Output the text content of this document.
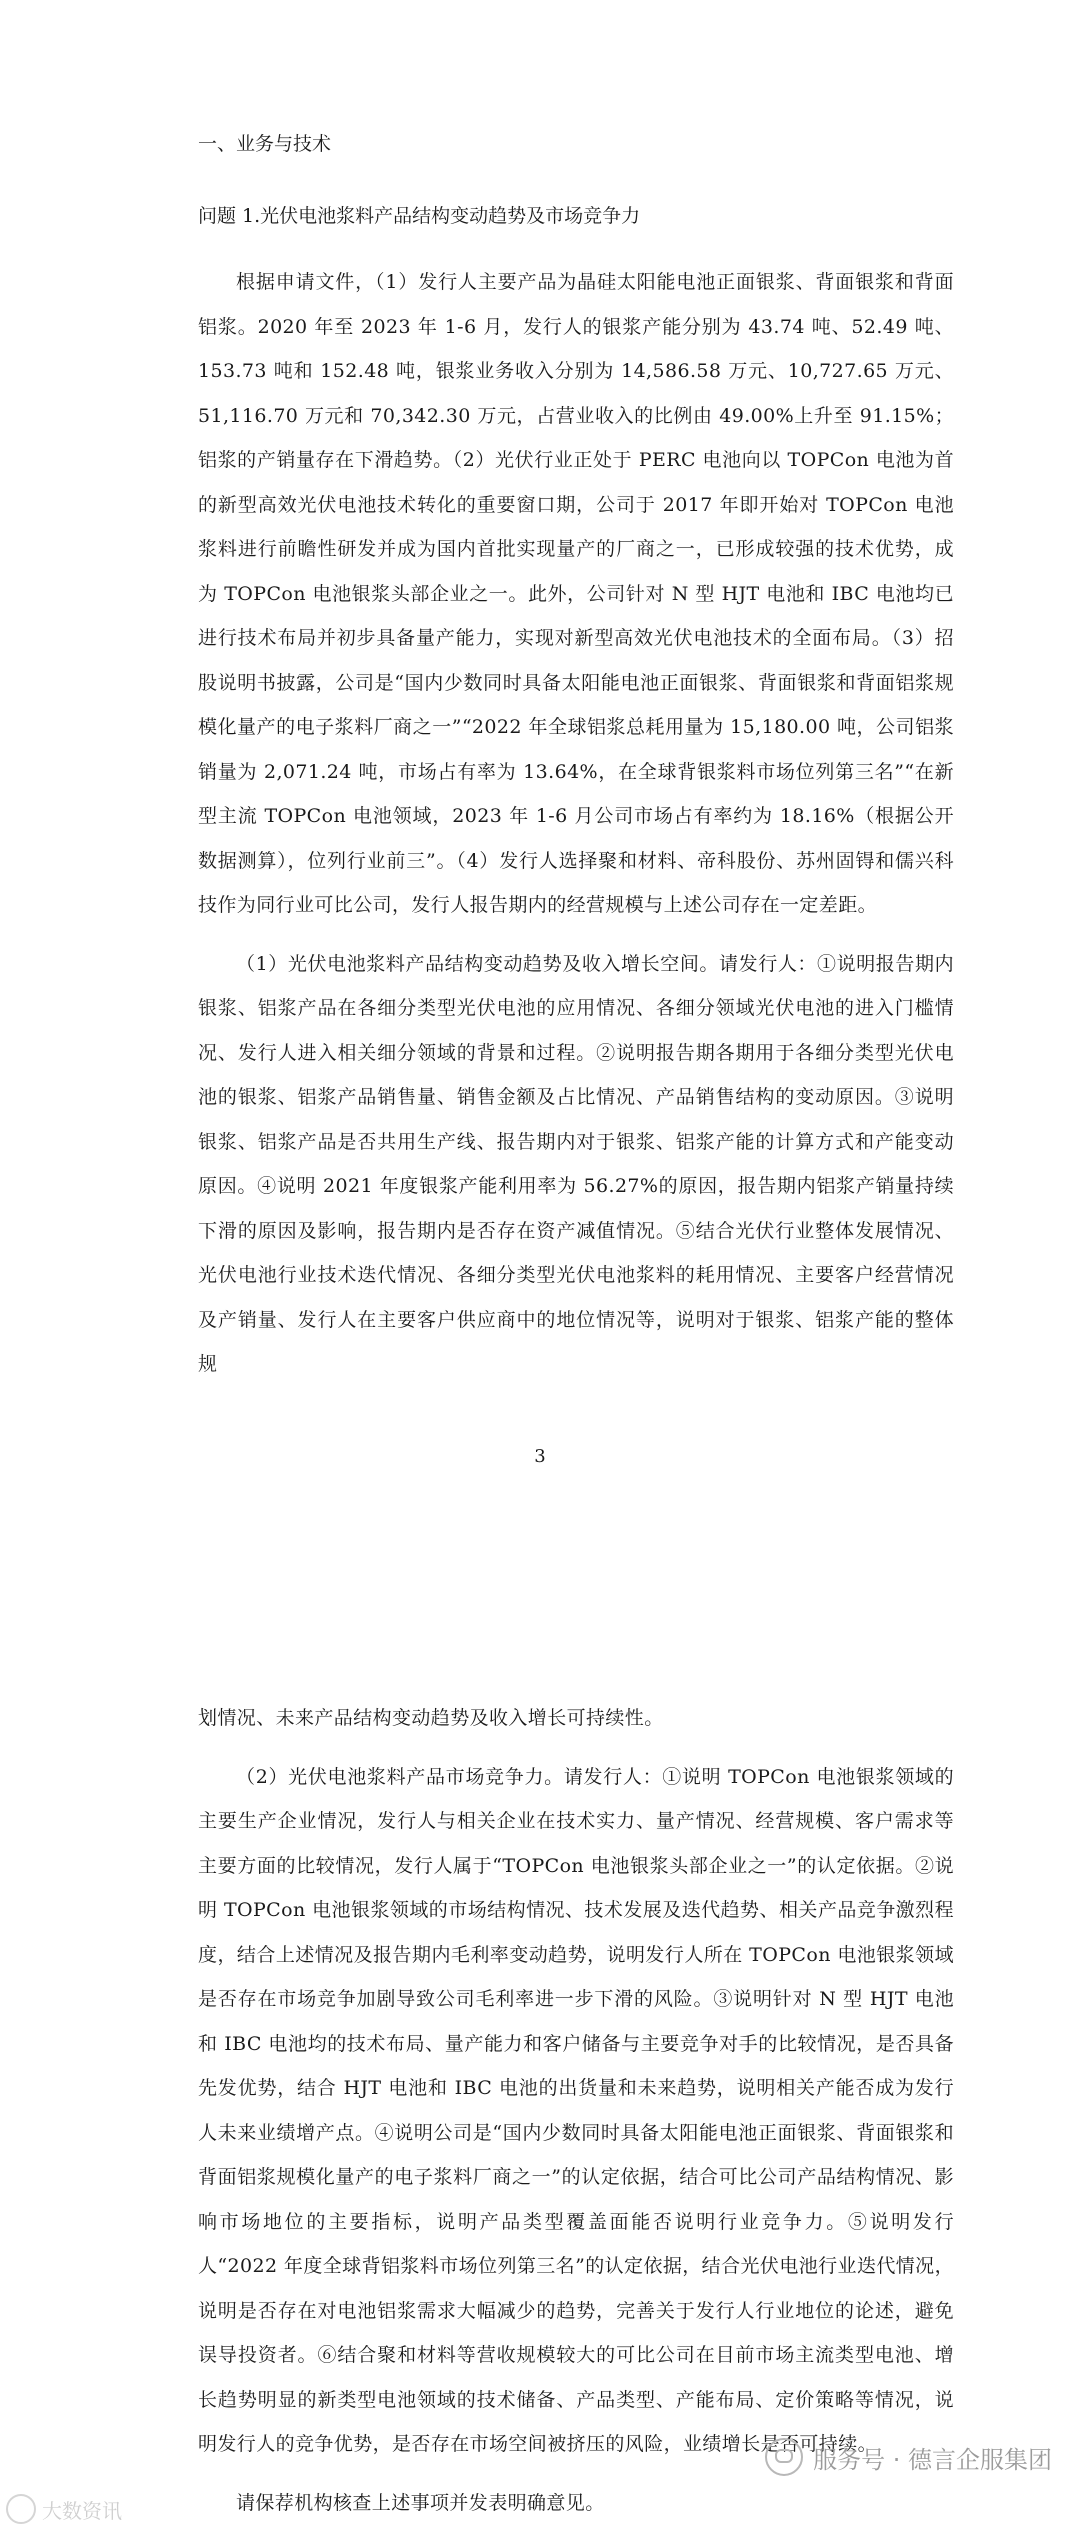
一、业务与技术
问题 1.光伏电池浆料产品结构变动趋势及市场竞争力

根据申请文件，（1）发行人主要产品为晶硅太阳能电池正面银浆、背面银浆和背面铝浆。2020 年至 2023 年 1-6 月，发行人的银浆产能分别为 43.74 吨、52.49 吨、153.73 吨和 152.48 吨，银浆业务收入分别为 14,586.58 万元、10,727.65 万元、51,116.70 万元和 70,342.30 万元，占营业收入的比例由 49.00%上升至 91.15%；铝浆的产销量存在下滑趋势。（2）光伏行业正处于 PERC 电池向以 TOPCon 电池为首的新型高效光伏电池技术转化的重要窗口期，公司于 2017 年即开始对 TOPCon 电池浆料进行前瞻性研发并成为国内首批实现量产的厂商之一，已形成较强的技术优势，成为 TOPCon 电池银浆头部企业之一。此外，公司针对 N 型 HJT 电池和 IBC 电池均已进行技术布局并初步具备量产能力，实现对新型高效光伏电池技术的全面布局。（3）招股说明书披露，公司是“国内少数同时具备太阳能电池正面银浆、背面银浆和背面铝浆规模化量产的电子浆料厂商之一”“2022 年全球铝浆总耗用量为 15,180.00 吨，公司铝浆销量为 2,071.24 吨，市场占有率为 13.64%，在全球背银浆料市场位列第三名”“在新型主流 TOPCon 电池领域，2023 年 1-6 月公司市场占有率约为 18.16%（根据公开数据测算），位列行业前三”。（4）发行人选择聚和材料、帝科股份、苏州固锝和儒兴科技作为同行业可比公司，发行人报告期内的经营规模与上述公司存在一定差距。

（1）光伏电池浆料产品结构变动趋势及收入增长空间。请发行人：①说明报告期内银浆、铝浆产品在各细分类型光伏电池的应用情况、各细分领域光伏电池的进入门槛情况、发行人进入相关细分领域的背景和过程。②说明报告期各期用于各细分类型光伏电池的银浆、铝浆产品销售量、销售金额及占比情况、产品销售结构的变动原因。③说明银浆、铝浆产品是否共用生产线、报告期内对于银浆、铝浆产能的计算方式和产能变动原因。④说明 2021 年度银浆产能利用率为 56.27%的原因，报告期内铝浆产销量持续下滑的原因及影响，报告期内是否存在资产减值情况。⑤结合光伏行业整体发展情况、光伏电池行业技术迭代情况、各细分类型光伏电池浆料的耗用情况、主要客户经营情况及产销量、发行人在主要客户供应商中的地位情况等，说明对于银浆、铝浆产能的整体规

3

划情况、未来产品结构变动趋势及收入增长可持续性。

（2）光伏电池浆料产品市场竞争力。请发行人：①说明 TOPCon 电池银浆领域的主要生产企业情况，发行人与相关企业在技术实力、量产情况、经营规模、客户需求等主要方面的比较情况，发行人属于“TOPCon 电池银浆头部企业之一”的认定依据。②说明 TOPCon 电池银浆领域的市场结构情况、技术发展及迭代趋势、相关产品竞争激烈程度，结合上述情况及报告期内毛利率变动趋势，说明发行人所在 TOPCon 电池银浆领域是否存在市场竞争加剧导致公司毛利率进一步下滑的风险。③说明针对 N 型 HJT 电池和 IBC 电池均的技术布局、量产能力和客户储备与主要竞争对手的比较情况，是否具备先发优势，结合 HJT 电池和 IBC 电池的出货量和未来趋势，说明相关产能否成为发行人未来业绩增产点。④说明公司是“国内少数同时具备太阳能电池正面银浆、背面银浆和背面铝浆规模化量产的电子浆料厂商之一”的认定依据，结合可比公司产品结构情况、影响市场地位的主要指标，说明产品类型覆盖面能否说明行业竞争力。⑤说明发行人“2022 年度全球背铝浆料市场位列第三名”的认定依据，结合光伏电池行业迭代情况，说明是否存在对电池铝浆需求大幅减少的趋势，完善关于发行人行业地位的论述，避免误导投资者。⑥结合聚和材料等营收规模较大的可比公司在目前市场主流类型电池、增长趋势明显的新类型电池领域的技术储备、产品类型、产能布局、定价策略等情况，说明发行人的竞争优势，是否存在市场空间被挤压的风险，业绩增长是否可持续。

请保荐机构核查上述事项并发表明确意见。

服务号 · 德言企服集团
大数资讯
